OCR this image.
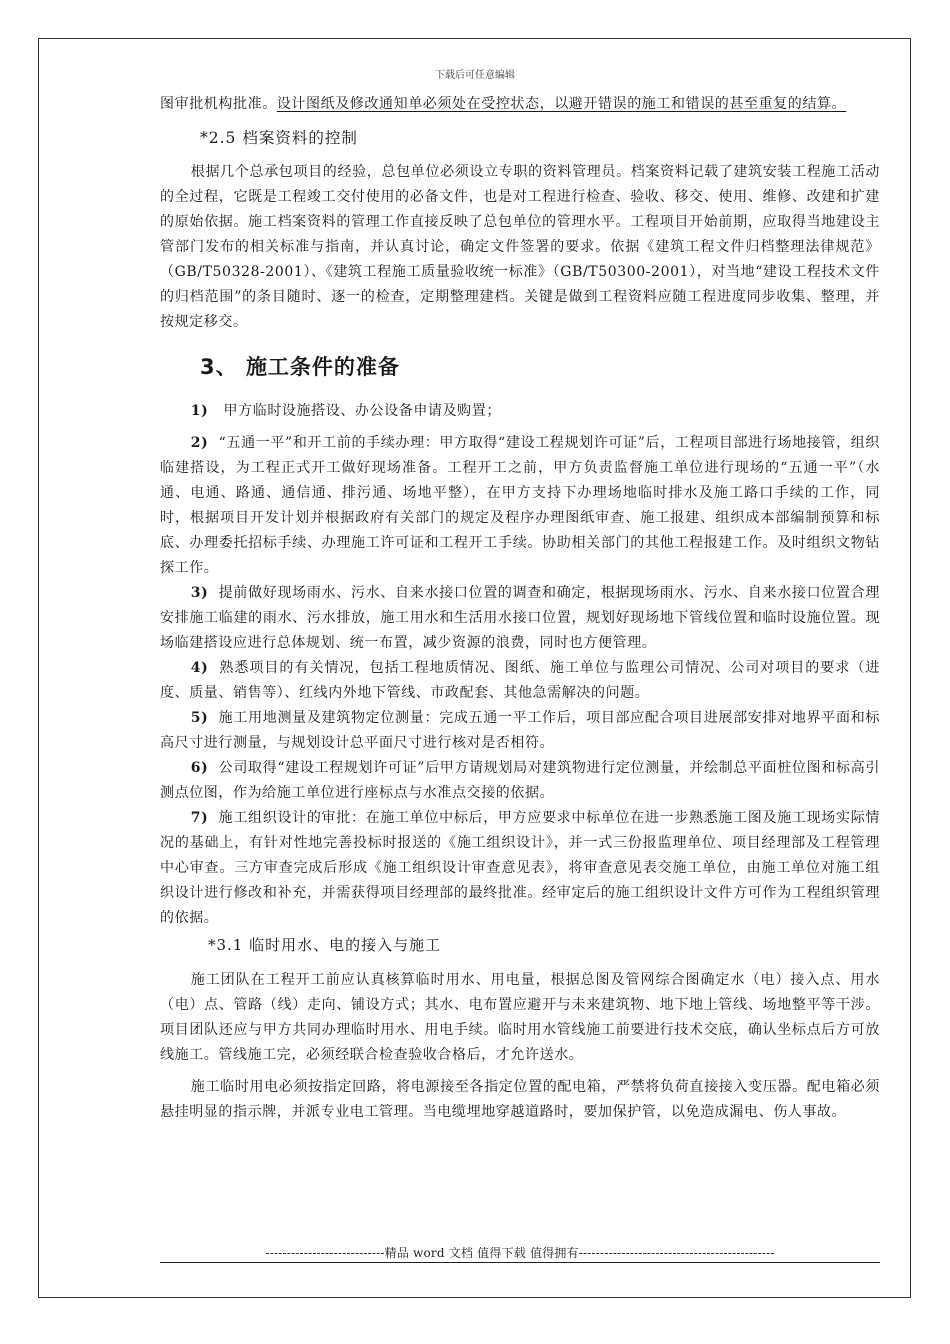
下载后可任意编辑

图审批机构批准。设计图纸及修改通知单必须处在受控状态，以避开错误的施工和错误的甚至重复的结算。

*2.5 档案资料的控制

根据几个总承包项目的经验，总包单位必须设立专职的资料管理员。档案资料记载了建筑安装工程施工活动的全过程，它既是工程竣工交付使用的必备文件，也是对工程进行检查、验收、移交、使用、维修、改建和扩建的原始依据。施工档案资料的管理工作直接反映了总包单位的管理水平。工程项目开始前期，应取得当地建设主管部门发布的相关标准与指南，并认真讨论，确定文件签署的要求。依据《建筑工程文件归档整理法律规范》（GB/T50328-2001）、《建筑工程施工质量验收统一标准》（GB/T50300-2001），对当地“建设工程技术文件的归档范围”的条目随时、逐一的检查，定期整理建档。关键是做到工程资料应随工程进度同步收集、整理，并按规定移交。

3、 施工条件的准备

1) 甲方临时设施搭设、办公设备申请及购置；

2) “五通一平”和开工前的手续办理：甲方取得“建设工程规划许可证”后，工程项目部进行场地接管，组织临建搭设，为工程正式开工做好现场准备。工程开工之前，甲方负责监督施工单位进行现场的“五通一平”（水通、电通、路通、通信通、排污通、场地平整），在甲方支持下办理场地临时排水及施工路口手续的工作，同时，根据项目开发计划并根据政府有关部门的规定及程序办理图纸审查、施工报建、组织成本部编制预算和标底、办理委托招标手续、办理施工许可证和工程开工手续。协助相关部门的其他工程报建工作。及时组织文物钻探工作。

3) 提前做好现场雨水、污水、自来水接口位置的调查和确定，根据现场雨水、污水、自来水接口位置合理安排施工临建的雨水、污水排放，施工用水和生活用水接口位置，规划好现场地下管线位置和临时设施位置。现场临建搭设应进行总体规划、统一布置，减少资源的浪费，同时也方便管理。

4) 熟悉项目的有关情况，包括工程地质情况、图纸、施工单位与监理公司情况、公司对项目的要求（进度、质量、销售等）、红线内外地下管线、市政配套、其他急需解决的问题。

5) 施工用地测量及建筑物定位测量：完成五通一平工作后，项目部应配合项目进展部安排对地界平面和标高尺寸进行测量，与规划设计总平面尺寸进行核对是否相符。

6) 公司取得“建设工程规划许可证”后甲方请规划局对建筑物进行定位测量，并绘制总平面桩位图和标高引测点位图，作为给施工单位进行座标点与水准点交接的依据。

7) 施工组织设计的审批：在施工单位中标后，甲方应要求中标单位在进一步熟悉施工图及施工现场实际情况的基础上，有针对性地完善投标时报送的《施工组织设计》，并一式三份报监理单位、项目经理部及工程管理中心审查。三方审查完成后形成《施工组织设计审查意见表》，将审查意见表交施工单位，由施工单位对施工组织设计进行修改和补充，并需获得项目经理部的最终批准。经审定后的施工组织设计文件方可作为工程组织管理的依据。

*3.1 临时用水、电的接入与施工

施工团队在工程开工前应认真核算临时用水、用电量，根据总图及管网综合图确定水（电）接入点、用水（电）点、管路（线）走向、铺设方式；其水、电布置应避开与未来建筑物、地下地上管线、场地整平等干涉。项目团队还应与甲方共同办理临时用水、用电手续。临时用水管线施工前要进行技术交底，确认坐标点后方可放线施工。管线施工完，必须经联合检查验收合格后，才允许送水。

施工临时用电必须按指定回路，将电源接至各指定位置的配电箱，严禁将负荷直接接入变压器。配电箱必须悬挂明显的指示牌，并派专业电工管理。当电缆埋地穿越道路时，要加保护管，以免造成漏电、伤人事故。

----------------------------精品 word 文档 值得下载 值得拥有----------------------------------------------
